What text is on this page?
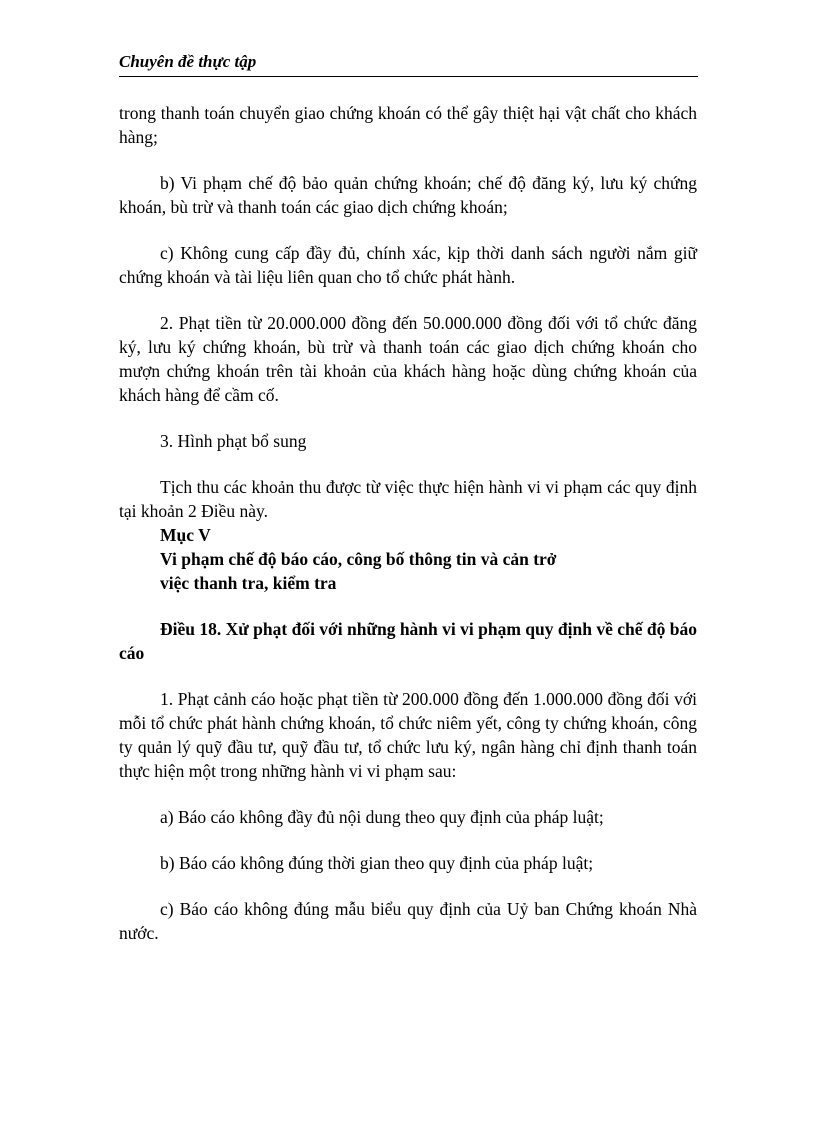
Chuyên đề thực tập

trong thanh toán chuyển giao chứng khoán có thể gây thiệt hại vật chất cho khách hàng;

b) Vi phạm chế độ bảo quản chứng khoán; chế độ đăng ký, lưu ký chứng khoán, bù trừ và thanh toán các giao dịch chứng khoán;

c) Không cung cấp đầy đủ, chính xác, kịp thời danh sách người nắm giữ chứng khoán và tài liệu liên quan cho tổ chức phát hành.

2. Phạt tiền từ 20.000.000 đồng đến 50.000.000 đồng đối với tổ chức đăng ký, lưu ký chứng khoán, bù trừ và thanh toán các giao dịch chứng khoán cho mượn chứng khoán trên tài khoản của khách hàng hoặc dùng chứng khoán của khách hàng để cầm cố.

3. Hình phạt bổ sung

Tịch thu các khoản thu được từ việc thực hiện hành vi vi phạm các quy định tại khoản 2 Điều này.

Mục V
Vi phạm chế độ báo cáo, công bố thông tin và cản trở
việc thanh tra, kiểm tra

Điều 18. Xử phạt đối với những hành vi vi phạm quy định về chế độ báo cáo

1. Phạt cảnh cáo hoặc phạt tiền từ 200.000 đồng đến 1.000.000 đồng đối với mỗi tổ chức phát hành chứng khoán, tổ chức niêm yết, công ty chứng khoán, công ty quản lý quỹ đầu tư, quỹ đầu tư, tổ chức lưu ký, ngân hàng chỉ định thanh toán thực hiện một trong những hành vi vi phạm sau:

a) Báo cáo không đầy đủ nội dung theo quy định của pháp luật;

b) Báo cáo không đúng thời gian theo quy định của pháp luật;

c) Báo cáo không đúng mẫu biểu quy định của Uỷ ban Chứng khoán Nhà nước.
